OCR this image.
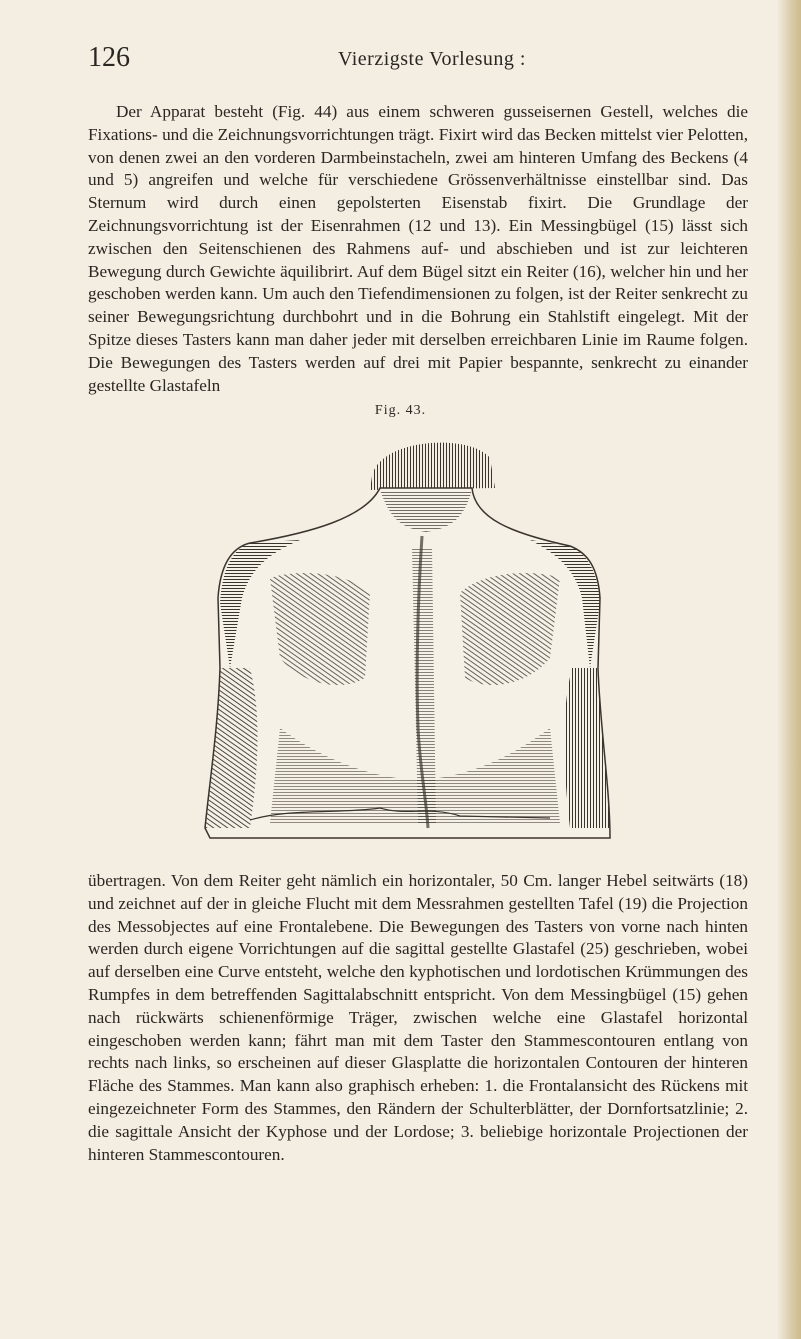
126	Vierzigste Vorlesung :

Der Apparat besteht (Fig. 44) aus einem schweren gusseisernen Gestell, welches die Fixations- und die Zeichnungsvorrichtungen trägt. Fixirt wird das Becken mittelst vier Pelotten, von denen zwei an den vorderen Darmbeinstacheln, zwei am hinteren Umfang des Beckens (4 und 5) angreifen und welche für verschiedene Grössenverhältnisse einstellbar sind. Das Sternum wird durch einen gepolsterten Eisenstab fixirt. Die Grundlage der Zeichnungsvorrichtung ist der Eisenrahmen (12 und 13). Ein Messingbügel (15) lässt sich zwischen den Seitenschienen des Rahmens auf- und abschieben und ist zur leichteren Bewegung durch Gewichte äquilibrirt. Auf dem Bügel sitzt ein Reiter (16), welcher hin und her geschoben werden kann. Um auch den Tiefendimensionen zu folgen, ist der Reiter senkrecht zu seiner Bewegungsrichtung durchbohrt und in die Bohrung ein Stahlstift eingelegt. Mit der Spitze dieses Tasters kann man daher jeder mit derselben erreichbaren Linie im Raume folgen. Die Bewegungen des Tasters werden auf drei mit Papier bespannte, senkrecht zu einander gestellte Glastafeln

Fig. 43.

übertragen. Von dem Reiter geht nämlich ein horizontaler, 50 Cm. langer Hebel seitwärts (18) und zeichnet auf der in gleiche Flucht mit dem Messrahmen gestellten Tafel (19) die Projection des Messobjectes auf eine Frontalebene. Die Bewegungen des Tasters von vorne nach hinten werden durch eigene Vorrichtungen auf die sagittal gestellte Glastafel (25) geschrieben, wobei auf derselben eine Curve entsteht, welche den kyphotischen und lordotischen Krümmungen des Rumpfes in dem betreffenden Sagittalabschnitt entspricht. Von dem Messingbügel (15) gehen nach rückwärts schienenförmige Träger, zwischen welche eine Glastafel horizontal eingeschoben werden kann; fährt man mit dem Taster den Stammescontouren entlang von rechts nach links, so erscheinen auf dieser Glasplatte die horizontalen Contouren der hinteren Fläche des Stammes. Man kann also graphisch erheben: 1. die Frontalansicht des Rückens mit eingezeichneter Form des Stammes, den Rändern der Schulterblätter, der Dornfortsatzlinie; 2. die sagittale Ansicht der Kyphose und der Lordose; 3. beliebige horizontale Projectionen der hinteren Stammescontouren.
